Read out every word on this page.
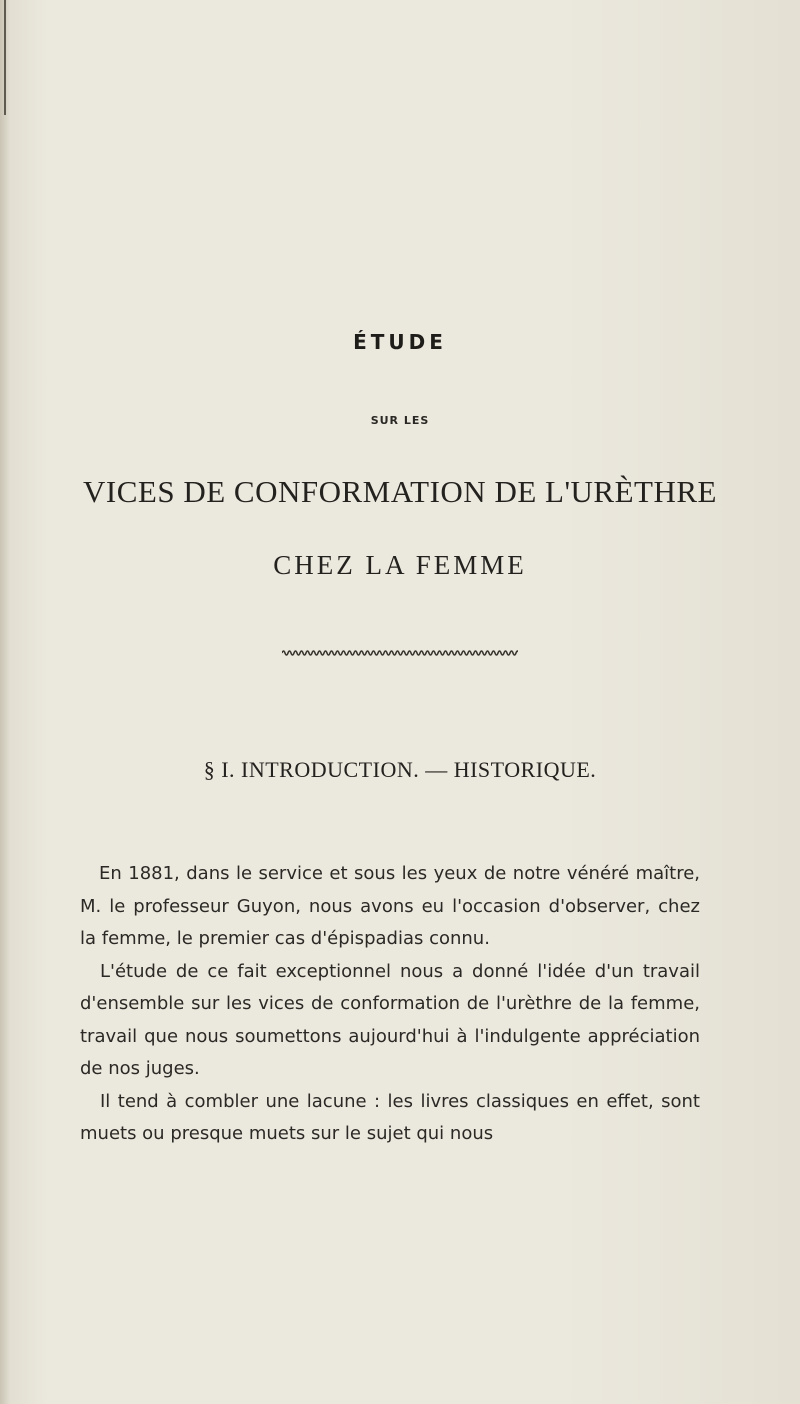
ÉTUDE
SUR LES
VICES DE CONFORMATION DE L'URÈTHRE
CHEZ LA FEMME
§ I. INTRODUCTION. — HISTORIQUE.

En 1881, dans le service et sous les yeux de notre vénéré maître, M. le professeur Guyon, nous avons eu l'occasion d'observer, chez la femme, le premier cas d'épispadias connu.

L'étude de ce fait exceptionnel nous a donné l'idée d'un travail d'ensemble sur les vices de conformation de l'urèthre de la femme, travail que nous soumettons aujourd'hui à l'indulgente appréciation de nos juges.

Il tend à combler une lacune : les livres classiques en effet, sont muets ou presque muets sur le sujet qui nous
